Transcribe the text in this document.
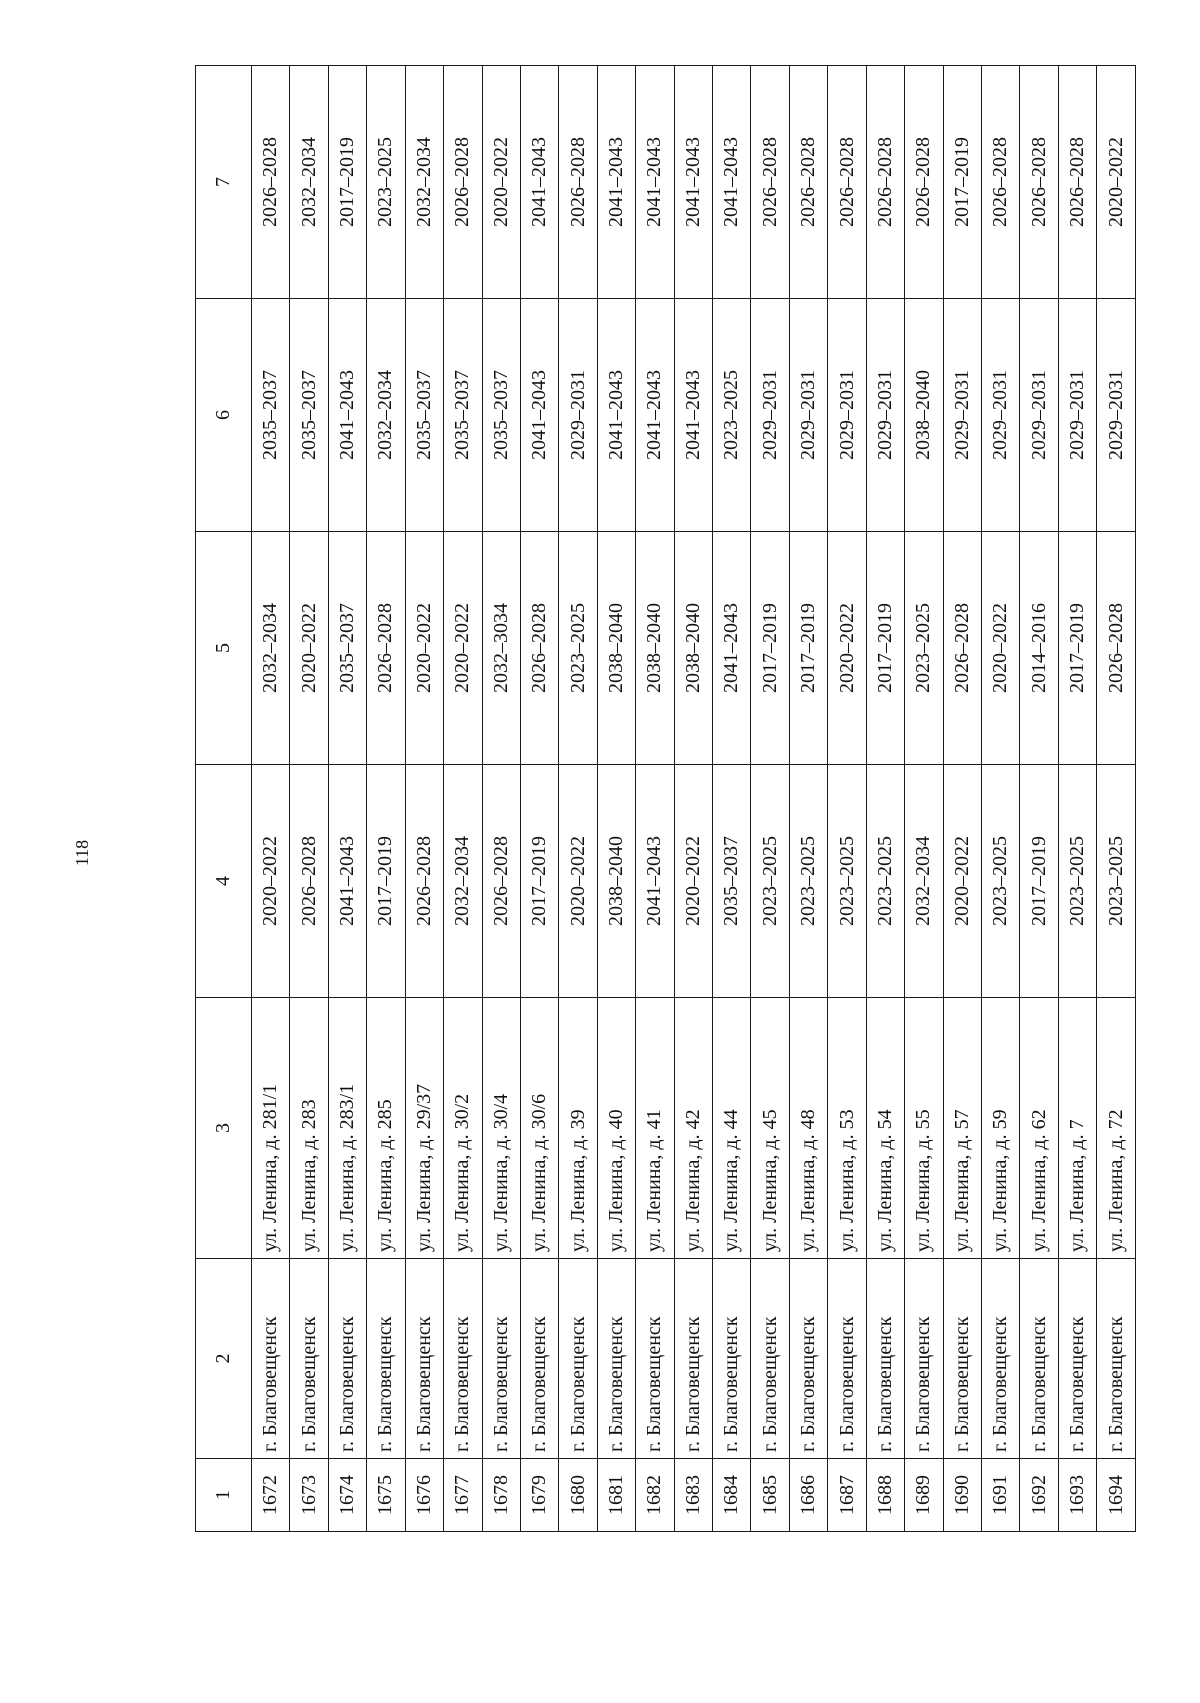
118
1	2	3	4	5	6	7
1672	г. Благовещенск	ул. Ленина, д. 281/1	2020–2022	2032–2034	2035–2037	2026–2028
1673	г. Благовещенск	ул. Ленина, д. 283	2026–2028	2020–2022	2035–2037	2032–2034
1674	г. Благовещенск	ул. Ленина, д. 283/1	2041–2043	2035–2037	2041–2043	2017–2019
1675	г. Благовещенск	ул. Ленина, д. 285	2017–2019	2026–2028	2032–2034	2023–2025
1676	г. Благовещенск	ул. Ленина, д. 29/37	2026–2028	2020–2022	2035–2037	2032–2034
1677	г. Благовещенск	ул. Ленина, д. 30/2	2032–2034	2020–2022	2035–2037	2026–2028
1678	г. Благовещенск	ул. Ленина, д. 30/4	2026–2028	2032–3034	2035–2037	2020–2022
1679	г. Благовещенск	ул. Ленина, д. 30/6	2017–2019	2026–2028	2041–2043	2041–2043
1680	г. Благовещенск	ул. Ленина, д. 39	2020–2022	2023–2025	2029–2031	2026–2028
1681	г. Благовещенск	ул. Ленина, д. 40	2038–2040	2038–2040	2041–2043	2041–2043
1682	г. Благовещенск	ул. Ленина, д. 41	2041–2043	2038–2040	2041–2043	2041–2043
1683	г. Благовещенск	ул. Ленина, д. 42	2020–2022	2038–2040	2041–2043	2041–2043
1684	г. Благовещенск	ул. Ленина, д. 44	2035–2037	2041–2043	2023–2025	2041–2043
1685	г. Благовещенск	ул. Ленина, д. 45	2023–2025	2017–2019	2029–2031	2026–2028
1686	г. Благовещенск	ул. Ленина, д. 48	2023–2025	2017–2019	2029–2031	2026–2028
1687	г. Благовещенск	ул. Ленина, д. 53	2023–2025	2020–2022	2029–2031	2026–2028
1688	г. Благовещенск	ул. Ленина, д. 54	2023–2025	2017–2019	2029–2031	2026–2028
1689	г. Благовещенск	ул. Ленина, д. 55	2032–2034	2023–2025	2038–2040	2026–2028
1690	г. Благовещенск	ул. Ленина, д. 57	2020–2022	2026–2028	2029–2031	2017–2019
1691	г. Благовещенск	ул. Ленина, д. 59	2023–2025	2020–2022	2029–2031	2026–2028
1692	г. Благовещенск	ул. Ленина, д. 62	2017–2019	2014–2016	2029–2031	2026–2028
1693	г. Благовещенск	ул. Ленина, д. 7	2023–2025	2017–2019	2029–2031	2026–2028
1694	г. Благовещенск	ул. Ленина, д. 72	2023–2025	2026–2028	2029–2031	2020–2022
